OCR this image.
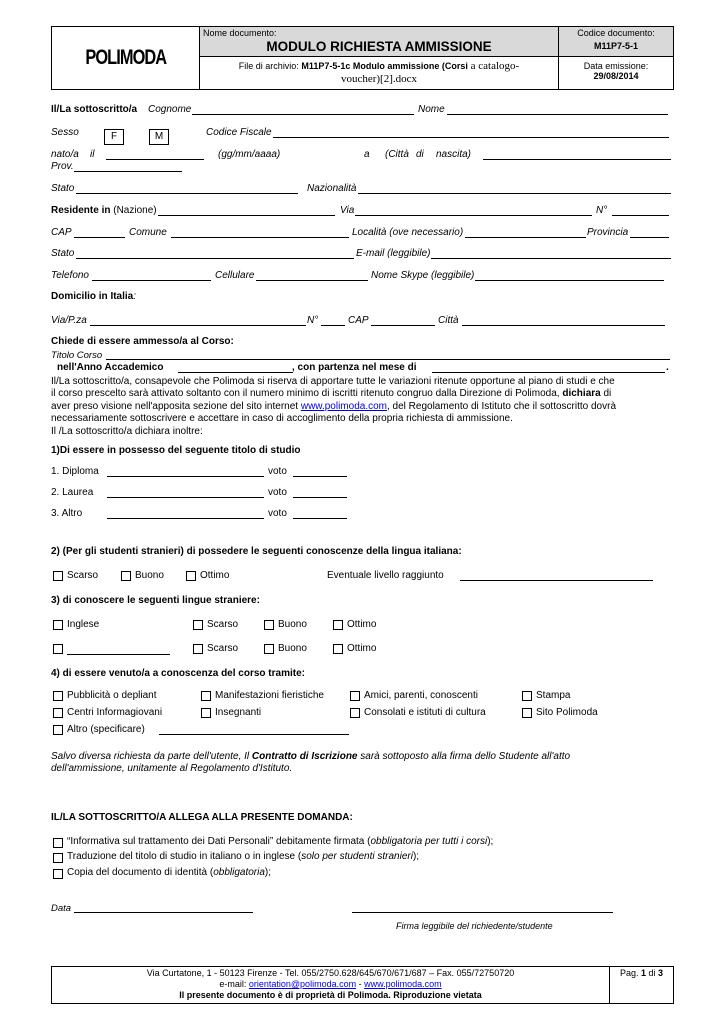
POLIMODA
Nome documento:
MODULO RICHIESTA AMMISSIONE
File di archivio: M11P7-5-1c Modulo ammissione (Corsi a catalogo-
voucher)[2].docx
Codice documento:
M11P7-5-1
Data emissione:
29/08/2014
Il/La sottoscritto/a Cognome	Nome
Sesso	F	M	Codice Fiscale
nato/a il	(gg/mm/aaaa)	a (Città di nascita)
Prov.
Stato	Nazionalità
Residente in (Nazione)	Via	N°
CAP	Comune	Località (ove necessario)	Provincia
Stato	E-mail (leggibile)
Telefono	Cellulare	Nome Skype (leggibile)
Domicilio in Italia:
Via/P.za	N°	CAP	Città
Chiede di essere ammesso/a al Corso:
Titolo Corso
nell'Anno Accademico	, con partenza nel mese di	.
Il/La sottoscritto/a, consapevole che Polimoda si riserva di apportare tutte le variazioni ritenute opportune al piano di studi e che
il corso prescelto sarà attivato soltanto con il numero minimo di iscritti ritenuto congruo dalla Direzione di Polimoda, dichiara di
aver preso visione nell'apposita sezione del sito internet www.polimoda.com, del Regolamento di Istituto che il sottoscritto dovrà
necessariamente sottoscrivere e accettare in caso di accoglimento della propria richiesta di ammissione.
Il /La sottoscritto/a dichiara inoltre:
1)Di essere in possesso del seguente titolo di studio
1. Diploma	voto
2. Laurea	voto
3. Altro	voto
2) (Per gli studenti stranieri) di possedere le seguenti conoscenze della lingua italiana:
Scarso	Buono	Ottimo	Eventuale livello raggiunto
3) di conoscere le seguenti lingue straniere:
Inglese	Scarso	Buono	Ottimo
Scarso	Buono	Ottimo
4) di essere venuto/a a conoscenza del corso tramite:
Pubblicità o depliant	Manifestazioni fieristiche	Amici, parenti, conoscenti	Stampa
Centri Informagiovani	Insegnanti	Consolati e istituti di cultura	Sito Polimoda
Altro (specificare)
Salvo diversa richiesta da parte dell'utente, Il Contratto di Iscrizione sarà sottoposto alla firma dello Studente all'atto
dell'ammissione, unitamente al Regolamento d'Istituto.
IL/LA SOTTOSCRITTO/A ALLEGA ALLA PRESENTE DOMANDA:
“Informativa sul trattamento dei Dati Personali” debitamente firmata (obbligatoria per tutti i corsi);
Traduzione del titolo di studio in italiano o in inglese (solo per studenti stranieri);
Copia del documento di identità (obbligatoria);
Data
Firma leggibile del richiedente/studente
Via Curtatone, 1 - 50123 Firenze - Tel. 055/2750.628/645/670/671/687 – Fax. 055/72750720
e-mail: orientation@polimoda.com - www.polimoda.com
Il presente documento è di proprietà di Polimoda. Riproduzione vietata
Pag. 1 di 3
